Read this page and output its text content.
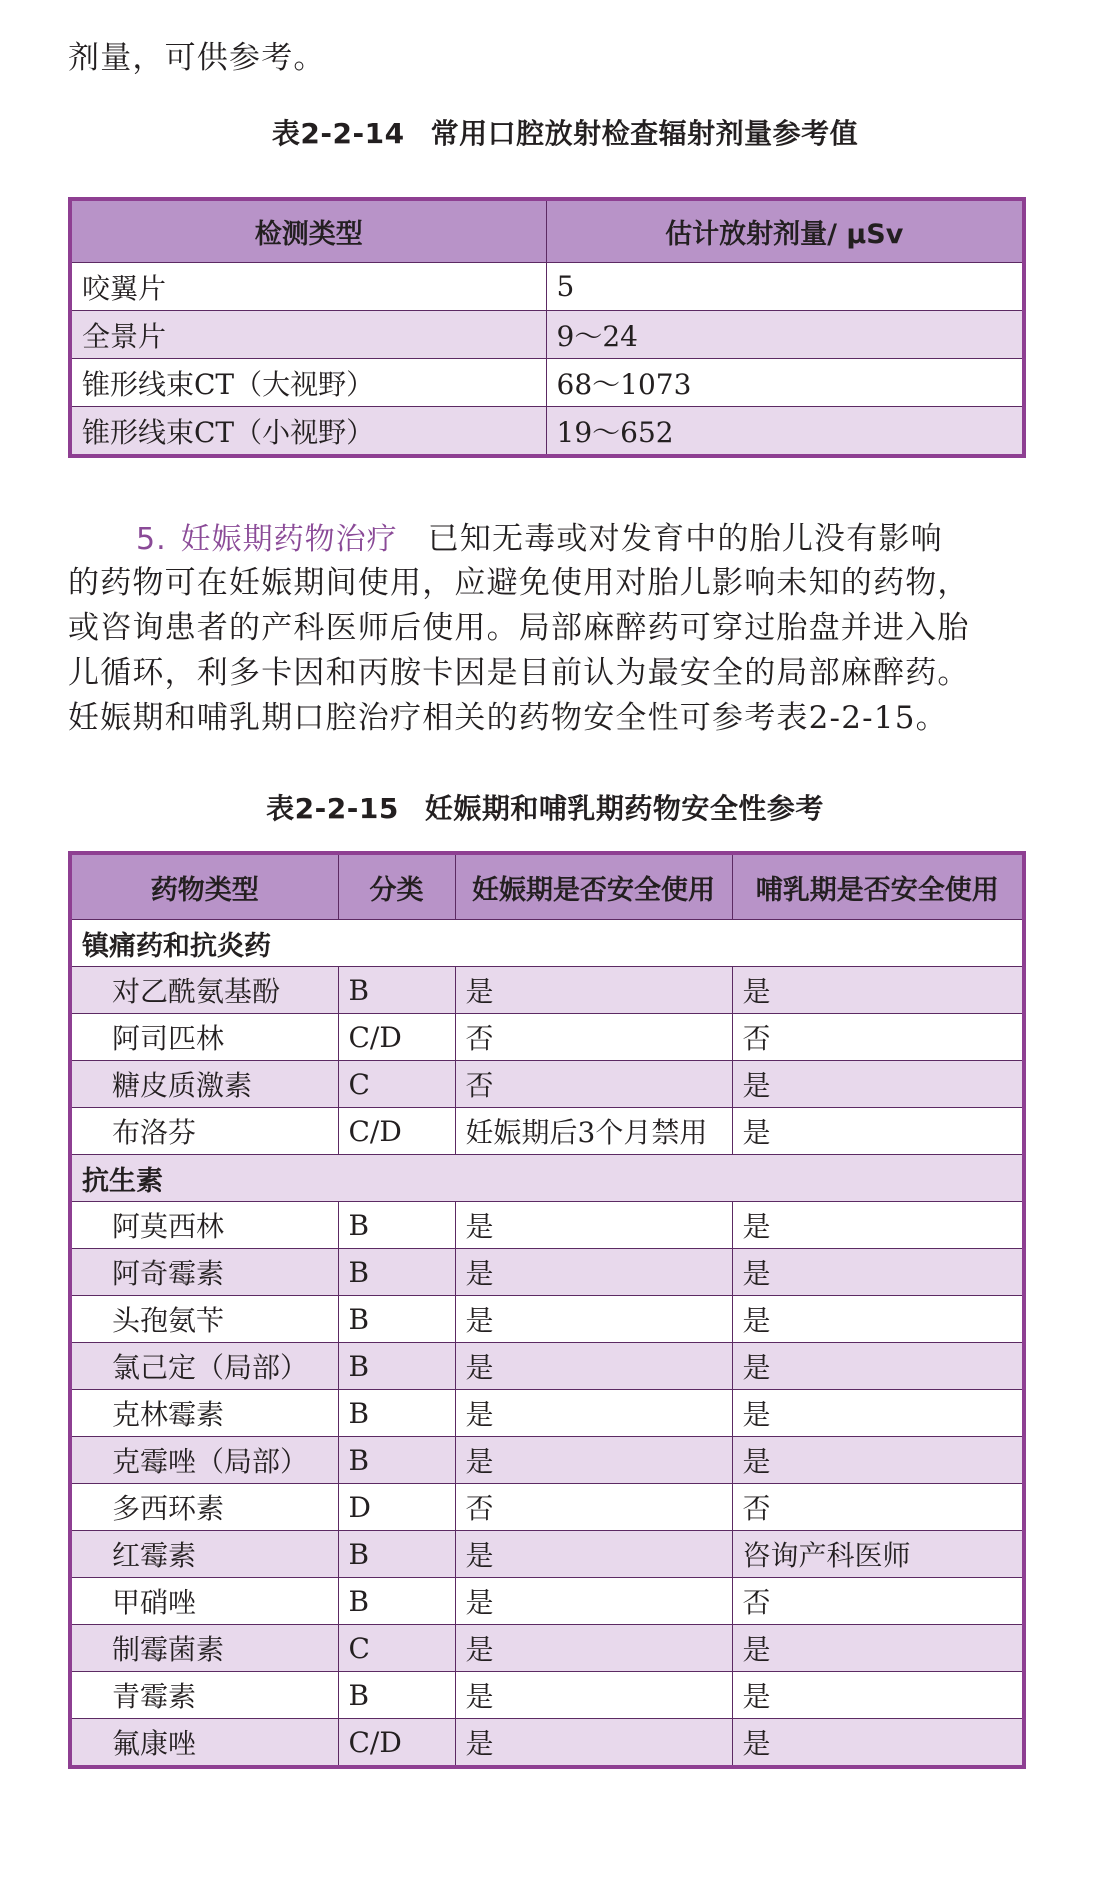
剂量，可供参考。
表2-2-14 常用口腔放射检查辐射剂量参考值
检测类型	估计放射剂量/ μSv
咬翼片	5
全景片	9～24
锥形线束CT（大视野）	68～1073
锥形线束CT（小视野）	19～652
5. 妊娠期药物治疗 已知无毒或对发育中的胎儿没有影响
的药物可在妊娠期间使用，应避免使用对胎儿影响未知的药物，
或咨询患者的产科医师后使用。局部麻醉药可穿过胎盘并进入胎
儿循环，利多卡因和丙胺卡因是目前认为最安全的局部麻醉药。
妊娠期和哺乳期口腔治疗相关的药物安全性可参考表2-2-15。
表2-2-15 妊娠期和哺乳期药物安全性参考
药物类型	分类	妊娠期是否安全使用	哺乳期是否安全使用
镇痛药和抗炎药			
对乙酰氨基酚	B	是	是
阿司匹林	C/D	否	否
糖皮质激素	C	否	是
布洛芬	C/D	妊娠期后3个月禁用	是
抗生素			
阿莫西林	B	是	是
阿奇霉素	B	是	是
头孢氨苄	B	是	是
氯己定（局部）	B	是	是
克林霉素	B	是	是
克霉唑（局部）	B	是	是
多西环素	D	否	否
红霉素	B	是	咨询产科医师
甲硝唑	B	是	否
制霉菌素	C	是	是
青霉素	B	是	是
氟康唑	C/D	是	是
